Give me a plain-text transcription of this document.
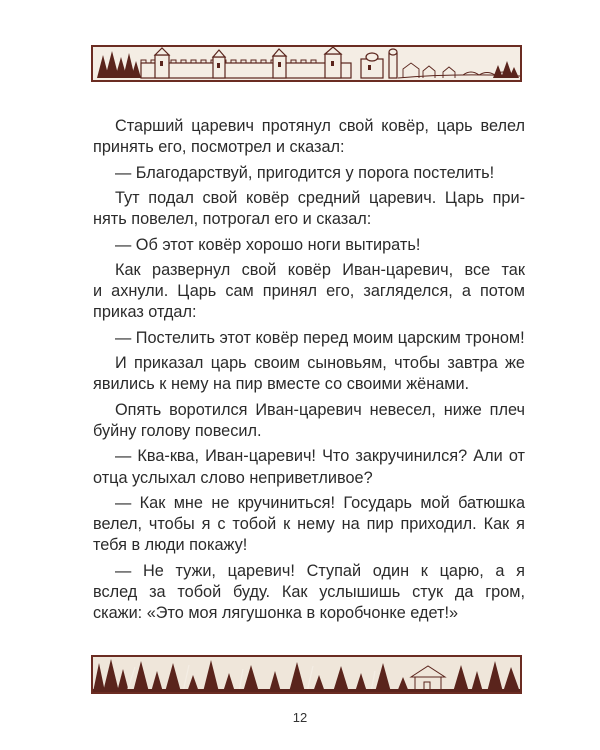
Старший царевич протянул свой ковёр, царь велел
принять его, посмотрел и сказал:

— Благодарствуй, пригодится у порога постелить!

Тут подал свой ковёр средний царевич. Царь при-
нять повелел, потрогал его и сказал:

— Об этот ковёр хорошо ноги вытирать!

Как развернул свой ковёр Иван-царевич, все так
и ахнули. Царь сам принял его, загляделся, а потом
приказ отдал:

— Постелить этот ковёр перед моим царским троном!

И приказал царь своим сыновьям, чтобы завтра же
явились к нему на пир вместе со своими жёнами.

Опять воротился Иван-царевич невесел, ниже плеч
буйну голову повесил.

— Ква-ква, Иван-царевич! Что закручинился? Али от
отца услыхал слово неприветливое?

— Как мне не кручиниться! Государь мой батюшка
велел, чтобы я с тобой к нему на пир приходил. Как я
тебя в люди покажу!

— Не тужи, царевич! Ступай один к царю, а я
вслед за тобой буду. Как услышишь стук да гром,
скажи: «Это моя лягушонка в коробчонке едет!»

12
